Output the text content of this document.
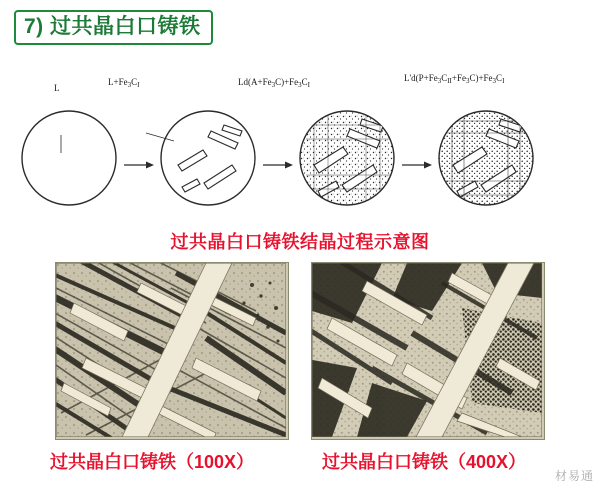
7) 过共晶白口铸铁
L
$L+Fe_3C_I$	$Ld(A+Fe_3C)+Fe_3C_I$
$L'd(P+Fe_3C_{II}+Fe_3C)+Fe_3C_I$
过共晶白口铸铁结晶过程示意图
过共晶白口铸铁（100X）	过共晶白口铸铁（400X）
材易通
